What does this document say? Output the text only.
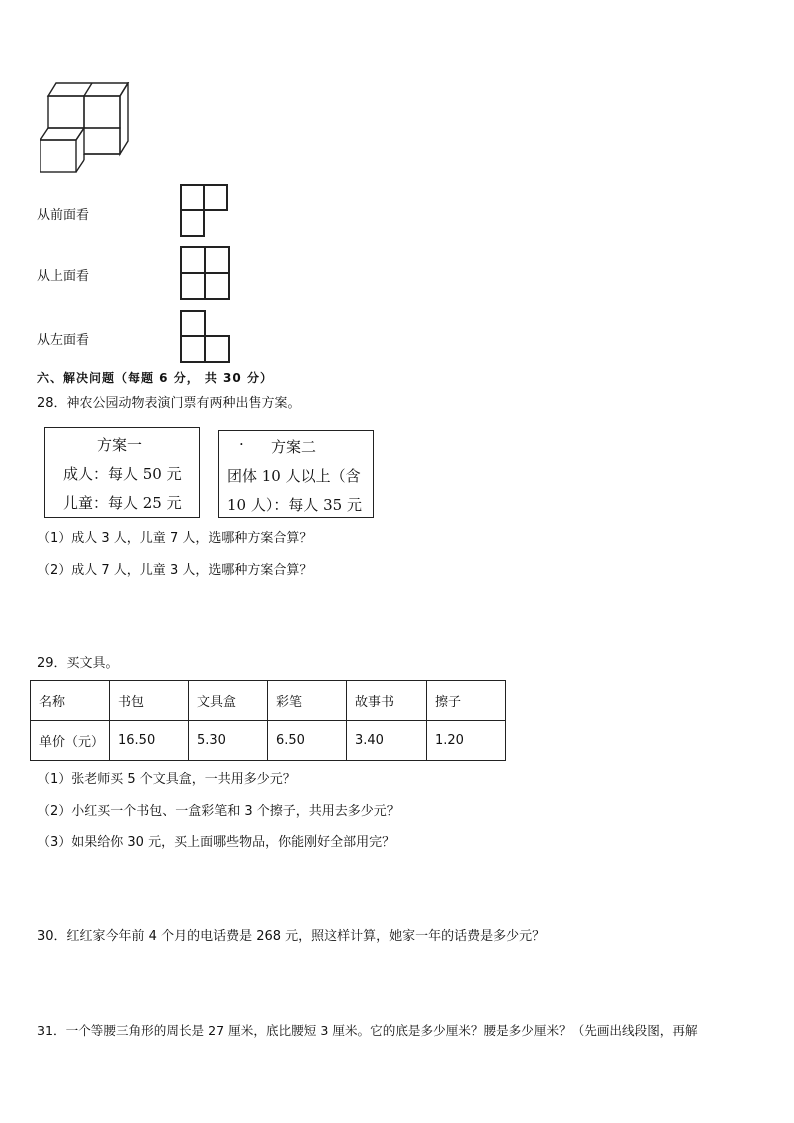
从前面看
从上面看
从左面看
六、解决问题（每题 6 分， 共 30 分）
28．神农公园动物表演门票有两种出售方案。
方案一
成人：每人 50 元
儿童：每人 25 元
· 方案二
团体 10 人以上（含
10 人）：每人 35 元
（1）成人 3 人，儿童 7 人，选哪种方案合算？
（2）成人 7 人，儿童 3 人，选哪种方案合算？
29．买文具。
名称	书包	文具盒	彩笔	故事书	擦子
单价（元）	16.50	5.30	6.50	3.40	1.20
（1）张老师买 5 个文具盒，一共用多少元？
（2）小红买一个书包、一盒彩笔和 3 个擦子，共用去多少元？
（3）如果给你 30 元，买上面哪些物品，你能刚好全部用完？
30．红红家今年前 4 个月的电话费是 268 元，照这样计算，她家一年的话费是多少元？
31．一个等腰三角形的周长是 27 厘米，底比腰短 3 厘米。它的底是多少厘米？腰是多少厘米？（先画出线段图，再解
